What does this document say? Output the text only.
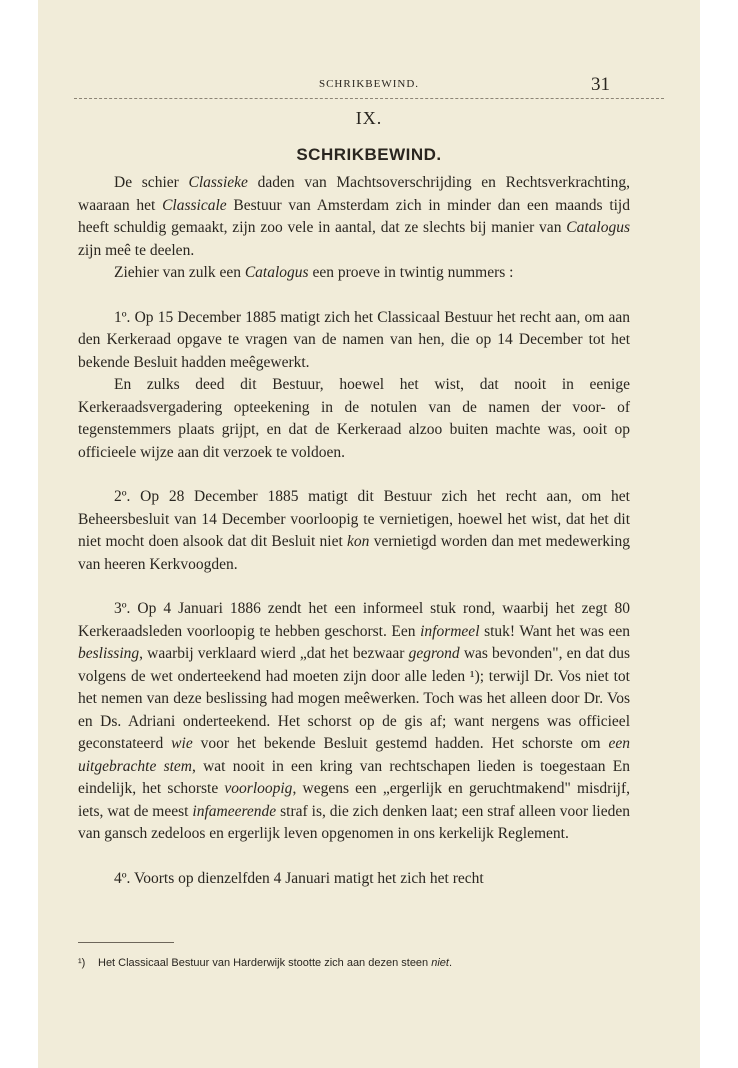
SCHRIKBEWIND.	31
IX.
SCHRIKBEWIND.

De schier Classieke daden van Machtsoverschrijding en Rechtsverkrachting, waaraan het Classicale Bestuur van Amsterdam zich in minder dan een maands tijd heeft schuldig gemaakt, zijn zoo vele in aantal, dat ze slechts bij manier van Catalogus zijn meê te deelen.

Ziehier van zulk een Catalogus een proeve in twintig nummers :

1º. Op 15 December 1885 matigt zich het Classicaal Bestuur het recht aan, om aan den Kerkeraad opgave te vragen van de namen van hen, die op 14 December tot het bekende Besluit hadden meêgewerkt.

En zulks deed dit Bestuur, hoewel het wist, dat nooit in eenige Kerkeraadsvergadering opteekening in de notulen van de namen der voor- of tegenstemmers plaats grijpt, en dat de Kerkeraad alzoo buiten machte was, ooit op officieele wijze aan dit verzoek te voldoen.

2º. Op 28 December 1885 matigt dit Bestuur zich het recht aan, om het Beheersbesluit van 14 December voorloopig te vernietigen, hoewel het wist, dat het dit niet mocht doen alsook dat dit Besluit niet kon vernietigd worden dan met medewerking van heeren Kerkvoogden.

3º. Op 4 Januari 1886 zendt het een informeel stuk rond, waarbij het zegt 80 Kerkeraadsleden voorloopig te hebben geschorst. Een informeel stuk! Want het was een beslissing, waarbij verklaard wierd „dat het bezwaar gegrond was bevonden", en dat dus volgens de wet onderteekend had moeten zijn door alle leden ¹); terwijl Dr. Vos niet tot het nemen van deze beslissing had mogen meêwerken. Toch was het alleen door Dr. Vos en Ds. Adriani onderteekend. Het schorst op de gis af; want nergens was officieel geconstateerd wie voor het bekende Besluit gestemd hadden. Het schorste om een uitgebrachte stem, wat nooit in een kring van rechtschapen lieden is toegestaan En eindelijk, het schorste voorloopig, wegens een „ergerlijk en geruchtmakend" misdrijf, iets, wat de meest infameerende straf is, die zich denken laat; een straf alleen voor lieden van gansch zedeloos en ergerlijk leven opgenomen in ons kerkelijk Reglement.

4º. Voorts op dienzelfden 4 Januari matigt het zich het recht

¹) Het Classicaal Bestuur van Harderwijk stootte zich aan dezen steen niet.
